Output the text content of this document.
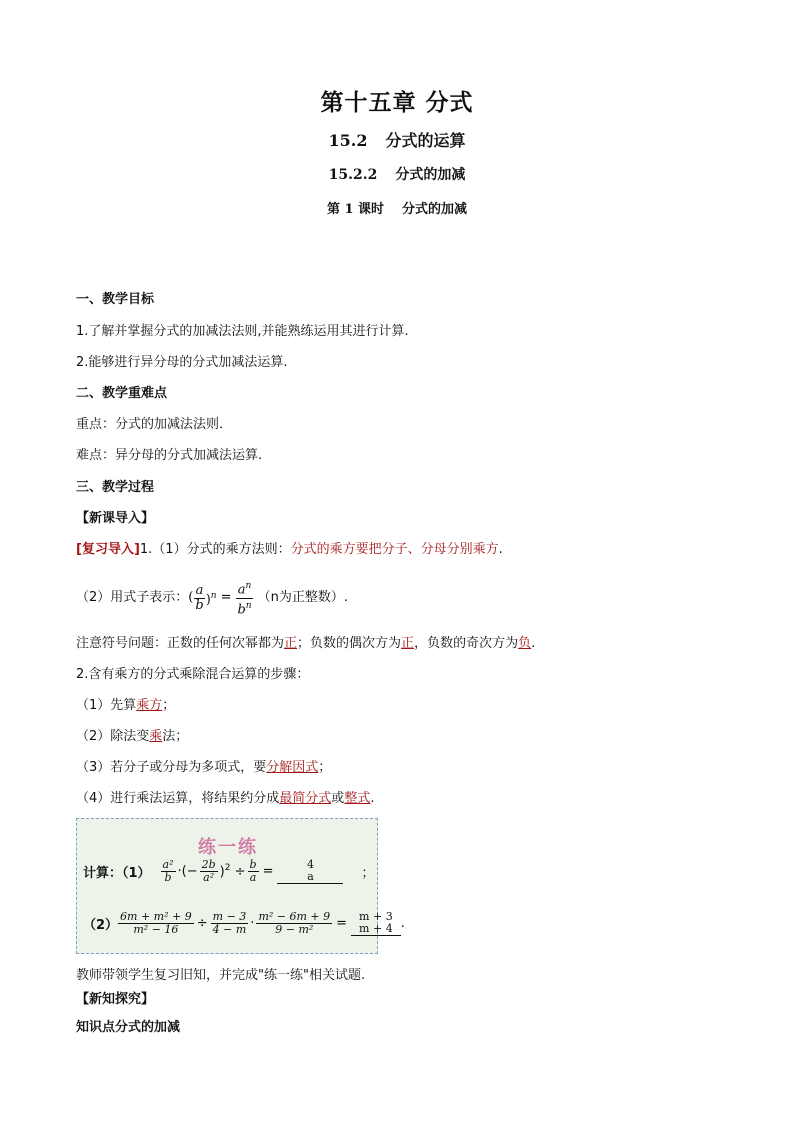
第十五章 分式
15.2 分式的运算
15.2.2 分式的加减
第 1 课时 分式的加减
一、教学目标
1.了解并掌握分式的加减法法则,并能熟练运用其进行计算.
2.能够进行异分母的分式加减法运算.
二、教学重难点
重点：分式的加减法法则．
难点：异分母的分式加减法运算.
三、教学过程
【新课导入】
[复习导入]1.（1）分式的乘方法则：分式的乘方要把分子、分母分别乘方.
（2）用式子表示： ( $\frac{a}{b} )^n = \frac{a^n}{b^n} (n$为正整数）.
注意符号问题：正数的任何次幂都为正；负数的偶次方为正，负数的奇次方为负.
2.含有乘方的分式乘除混合运算的步骤：
（1）先算乘方；
（2）除法变乘法；
（3）若分子或分母为多项式，要分解因式；
（4）进行乘法运算，将结果约分成最简分式或整式.
练一练
计算：$(1) \frac{\text{a²}}{b}$ ·(− $\frac{2b}{\text{a²}} )^2 \div \frac{b}{a}$ =	4
a	；
$(2) \frac{\text{6m + m² + 9}}{\text{m² − 16}} \div \frac{m - 3}{4 - m} \cdot \frac{\text{m² − 6m + 9}}{\text{9 − m²}} = m + 3$
m + 4 .
教师带领学生复习旧知，并完成"练一练"相关试题.
【新知探究】
知识点分式的加减
